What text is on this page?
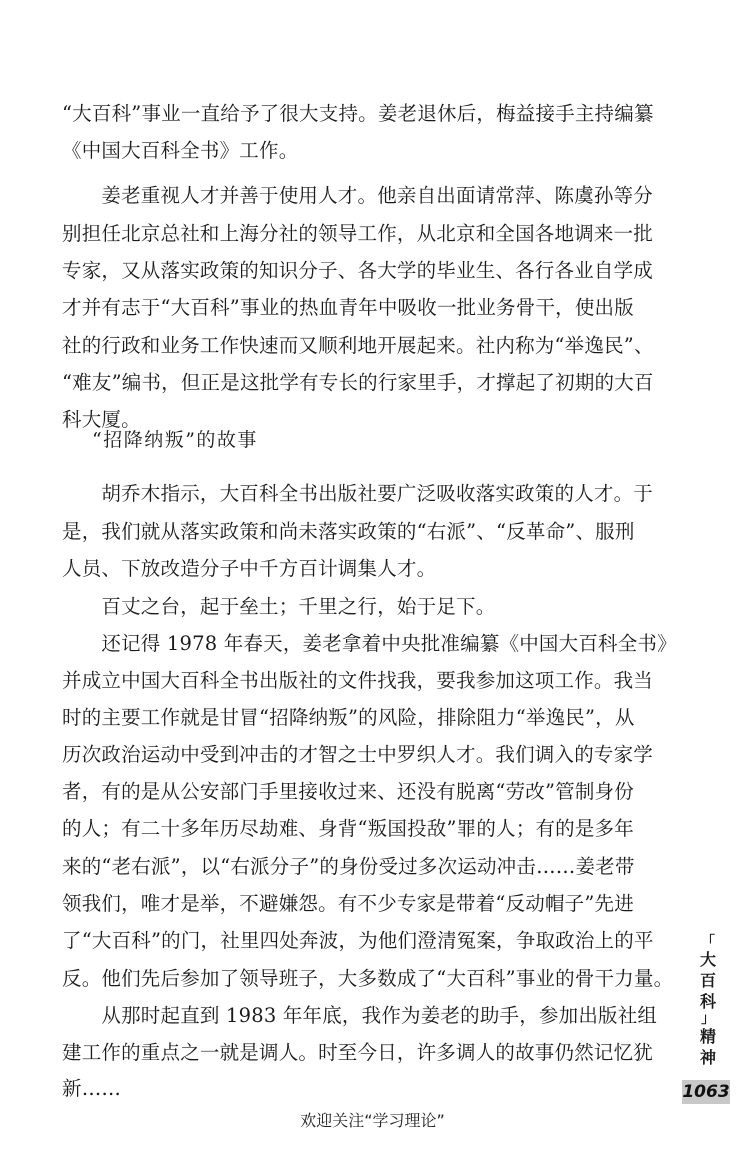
“大百科”事业一直给予了很大支持。姜老退休后，梅益接手主持编纂
《中国大百科全书》工作。
　　姜老重视人才并善于使用人才。他亲自出面请常萍、陈虞孙等分
别担任北京总社和上海分社的领导工作，从北京和全国各地调来一批
专家，又从落实政策的知识分子、各大学的毕业生、各行各业自学成
才并有志于“大百科”事业的热血青年中吸收一批业务骨干，使出版
社的行政和业务工作快速而又顺利地开展起来。社内称为“举逸民”、
“难友”编书，但正是这批学有专长的行家里手，才撑起了初期的大百
科大厦。
“招降纳叛”的故事
　　胡乔木指示，大百科全书出版社要广泛吸收落实政策的人才。于
是，我们就从落实政策和尚未落实政策的“右派”、“反革命”、服刑
人员、下放改造分子中千方百计调集人才。
　　百丈之台，起于垒土；千里之行，始于足下。
　　还记得 1978 年春天，姜老拿着中央批准编纂《中国大百科全书》
并成立中国大百科全书出版社的文件找我，要我参加这项工作。我当
时的主要工作就是甘冒“招降纳叛”的风险，排除阻力“举逸民”，从
历次政治运动中受到冲击的才智之士中罗织人才。我们调入的专家学
者，有的是从公安部门手里接收过来、还没有脱离“劳改”管制身份
的人；有二十多年历尽劫难、身背“叛国投敌”罪的人；有的是多年
来的“老右派”，以“右派分子”的身份受过多次运动冲击……姜老带
领我们，唯才是举，不避嫌怨。有不少专家是带着“反动帽子”先进
了“大百科”的门，社里四处奔波，为他们澄清冤案，争取政治上的平
反。他们先后参加了领导班子，大多数成了“大百科”事业的骨干力量。
　　从那时起直到 1983 年年底，我作为姜老的助手，参加出版社组
建工作的重点之一就是调人。时至今日，许多调人的故事仍然记忆犹
新……
「
大
百
科
」
精
神
1063
欢迎关注“学习理论”
